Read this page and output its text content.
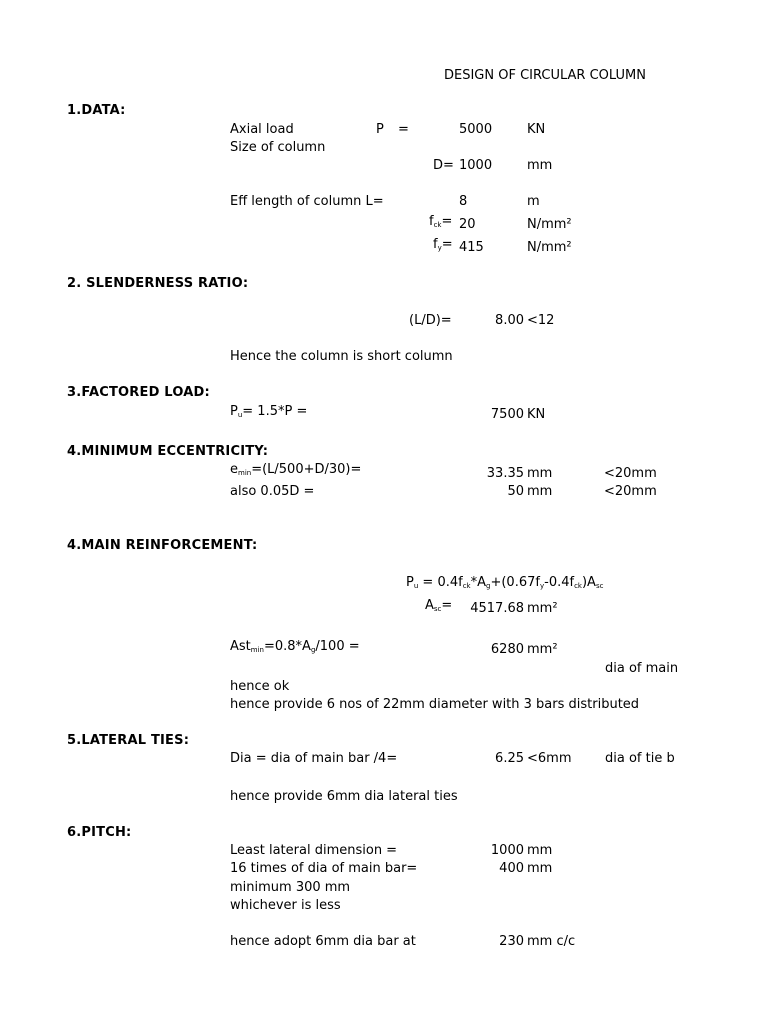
DESIGN OF CIRCULAR COLUMN
1.DATA:
Axial load	P =	5000	KN
Size of column
D= 1000	mm
Eff length of column L=	8	m
$f_{ck}= 20$	N/mm²
$f_y= 415$	N/mm²
2. SLENDERNESS RATIO:
(L/D)=	8.00 <12
Hence the column is short column
3.FACTORED LOAD:
$P_u= 1.5*P$ =	7500 KN
4.MINIMUM ECCENTRICITY:
$e_{min}=(L/500+D/30)=$	33.35 mm	<20mm
also 0.05D =	50 mm	<20mm
4.MAIN REINFORCEMENT:
$P_u = 0.4f_{ck}*A_g+(0.67f_y-0.4f_{ck})A_{sc}$
$A_{sc}=$	4517.68 mm²
$Ast_{min}=0.8*A_g/100$ =	6280 mm²
dia of main
hence ok
hence provide 6 nos of 22mm diameter with 3 bars distributed
5.LATERAL TIES:
Dia = dia of main bar /4=	6.25 <6mm	dia of tie b
hence provide 6mm dia lateral ties
6.PITCH:
Least lateral dimension =	1000 mm
16 times of dia of main bar=	400 mm
minimum 300 mm
whichever is less
hence adopt 6mm dia bar at	230 mm c/c
